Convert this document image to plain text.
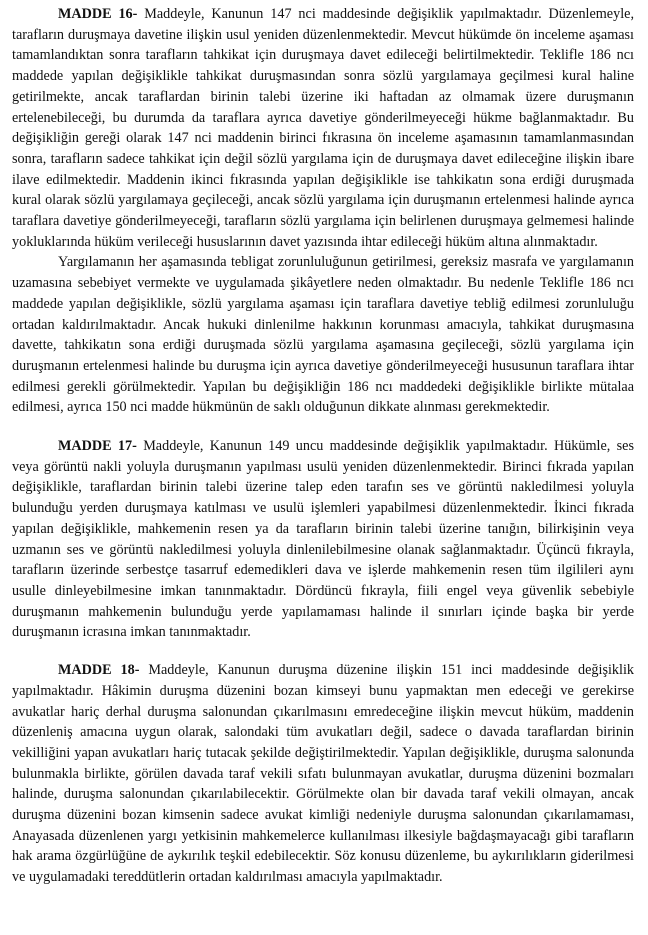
MADDE 16- Maddeyle, Kanunun 147 nci maddesinde değişiklik yapılmaktadır. Düzenlemeyle, tarafların duruşmaya davetine ilişkin usul yeniden düzenlenmektedir. Mevcut hükümde ön inceleme aşaması tamamlandıktan sonra tarafların tahkikat için duruşmaya davet edileceği belirtilmektedir. Teklifle 186 ncı maddede yapılan değişiklikle tahkikat duruşmasından sonra sözlü yargılamaya geçilmesi kural haline getirilmekte, ancak taraflardan birinin talebi üzerine iki haftadan az olmamak üzere duruşmanın ertelenebileceği, bu durumda da taraflara ayrıca davetiye gönderilmeyeceği hükme bağlanmaktadır. Bu değişikliğin gereği olarak 147 nci maddenin birinci fıkrasına ön inceleme aşamasının tamamlanmasından sonra, tarafların sadece tahkikat için değil sözlü yargılama için de duruşmaya davet edileceğine ilişkin ibare ilave edilmektedir. Maddenin ikinci fıkrasında yapılan değişiklikle ise tahkikatın sona erdiği duruşmada kural olarak sözlü yargılamaya geçileceği, ancak sözlü yargılama için duruşmanın ertelenmesi halinde ayrıca taraflara davetiye gönderilmeyeceği, tarafların sözlü yargılama için belirlenen duruşmaya gelmemesi halinde yokluklarında hüküm verileceği hususlarının davet yazısında ihtar edileceği hüküm altına alınmaktadır.

Yargılamanın her aşamasında tebligat zorunluluğunun getirilmesi, gereksiz masrafa ve yargılamanın uzamasına sebebiyet vermekte ve uygulamada şikâyetlere neden olmaktadır. Bu nedenle Teklifle 186 ncı maddede yapılan değişiklikle, sözlü yargılama aşaması için taraflara davetiye tebliğ edilmesi zorunluluğu ortadan kaldırılmaktadır. Ancak hukuki dinlenilme hakkının korunması amacıyla, tahkikat duruşmasına davette, tahkikatın sona erdiği duruşmada sözlü yargılama aşamasına geçileceği, sözlü yargılama için duruşmanın ertelenmesi halinde bu duruşma için ayrıca davetiye gönderilmeyeceği hususunun taraflara ihtar edilmesi gerekli görülmektedir. Yapılan bu değişikliğin 186 ncı maddedeki değişiklikle birlikte mütalaa edilmesi, ayrıca 150 nci madde hükmünün de saklı olduğunun dikkate alınması gerekmektedir.

MADDE 17- Maddeyle, Kanunun 149 uncu maddesinde değişiklik yapılmaktadır. Hükümle, ses veya görüntü nakli yoluyla duruşmanın yapılması usulü yeniden düzenlenmektedir. Birinci fıkrada yapılan değişiklikle, taraflardan birinin talebi üzerine talep eden tarafın ses ve görüntü nakledilmesi yoluyla bulunduğu yerden duruşmaya katılması ve usulü işlemleri yapabilmesi düzenlenmektedir. İkinci fıkrada yapılan değişiklikle, mahkemenin resen ya da tarafların birinin talebi üzerine tanığın, bilirkişinin veya uzmanın ses ve görüntü nakledilmesi yoluyla dinlenilebilmesine olanak sağlanmaktadır. Üçüncü fıkrayla, tarafların üzerinde serbestçe tasarruf edemedikleri dava ve işlerde mahkemenin resen tüm ilgilileri aynı usulle dinleyebilmesine imkan tanınmaktadır. Dördüncü fıkrayla, fiili engel veya güvenlik sebebiyle duruşmanın mahkemenin bulunduğu yerde yapılamaması halinde il sınırları içinde başka bir yerde duruşmanın icrasına imkan tanınmaktadır.

MADDE 18- Maddeyle, Kanunun duruşma düzenine ilişkin 151 inci maddesinde değişiklik yapılmaktadır. Hâkimin duruşma düzenini bozan kimseyi bunu yapmaktan men edeceği ve gerekirse avukatlar hariç derhal duruşma salonundan çıkarılmasını emredeceğine ilişkin mevcut hüküm, maddenin düzenleniş amacına uygun olarak, salondaki tüm avukatları değil, sadece o davada taraflardan birinin vekilliğini yapan avukatları hariç tutacak şekilde değiştirilmektedir. Yapılan değişiklikle, duruşma salonunda bulunmakla birlikte, görülen davada taraf vekili sıfatı bulunmayan avukatlar, duruşma düzenini bozmaları halinde, duruşma salonundan çıkarılabilecektir. Görülmekte olan bir davada taraf vekili olmayan, ancak duruşma düzenini bozan kimsenin sadece avukat kimliği nedeniyle duruşma salonundan çıkarılamaması, Anayasada düzenlenen yargı yetkisinin mahkemelerce kullanılması ilkesiyle bağdaşmayacağı gibi tarafların hak arama özgürlüğüne de aykırılık teşkil edebilecektir. Söz konusu düzenleme, bu aykırılıkların giderilmesi ve uygulamadaki tereddütlerin ortadan kaldırılması amacıyla yapılmaktadır.
